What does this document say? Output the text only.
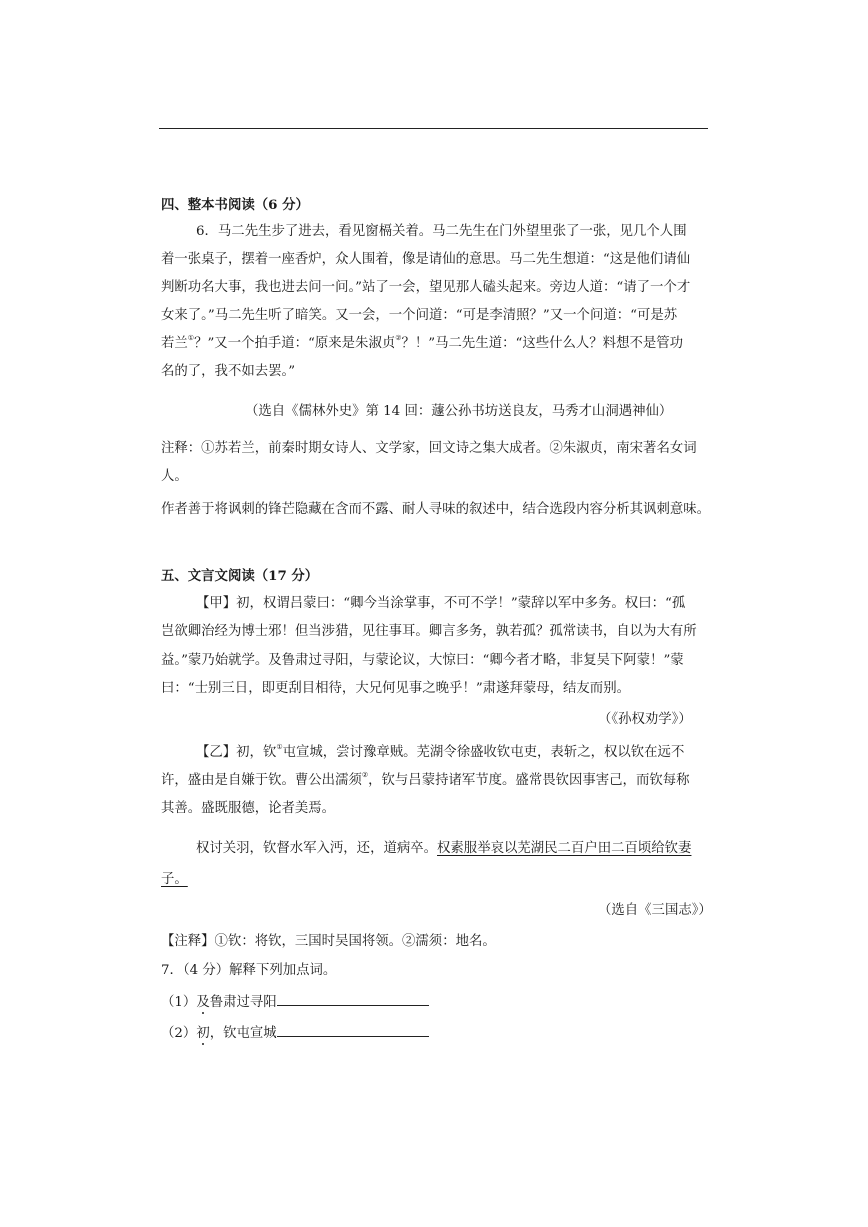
四、整本书阅读（6 分）
6．马二先生步了进去，看见窗槅关着。马二先生在门外望里张了一张，见几个人围
着一张桌子，摆着一座香炉，众人围着，像是请仙的意思。马二先生想道：“这是他们请仙
判断功名大事，我也进去问一问。”站了一会，望见那人磕头起来。旁边人道：“请了一个才
女来了。”马二先生听了暗笑。又一会，一个问道：“可是李清照？”又一个问道：“可是苏
若兰①？”又一个拍手道：“原来是朱淑贞②？！”马二先生道：“这些什么人？料想不是管功
名的了，我不如去罢。”
（选自《儒林外史》第 14 回：蘧公孙书坊送良友，马秀才山洞遇神仙）
注释：①苏若兰，前秦时期女诗人、文学家，回文诗之集大成者。②朱淑贞，南宋著名女词
人。
作者善于将讽刺的锋芒隐藏在含而不露、耐人寻味的叙述中，结合选段内容分析其讽刺意味。
五、文言文阅读（17 分）
【甲】初，权谓吕蒙曰：“卿今当涂掌事，不可不学！”蒙辞以军中多务。权曰：“孤
岂欲卿治经为博士邪！但当涉猎，见往事耳。卿言多务，孰若孤？孤常读书，自以为大有所
益。”蒙乃始就学。及鲁肃过寻阳，与蒙论议，大惊曰：“卿今者才略，非复吴下阿蒙！”蒙
曰：“士别三日，即更刮目相待，大兄何见事之晚乎！”肃遂拜蒙母，结友而别。
（《孙权劝学》）
【乙】初，钦①屯宣城，尝讨豫章贼。芜湖令徐盛收钦屯吏，表斩之，权以钦在远不
许，盛由是自嫌于钦。曹公出濡须②，钦与吕蒙持诸军节度。盛常畏钦因事害己，而钦每称
其善。盛既服德，论者美焉。
权讨关羽，钦督水军入沔，还，道病卒。权素服举哀以芜湖民二百户田二百顷给钦妻
子。
（选自《三国志》）
【注释】①钦：将钦，三国时吴国将领。②濡须：地名。
7．（4 分）解释下列加点词。
（1）及鲁肃过寻阳
（2）初，钦屯宣城
